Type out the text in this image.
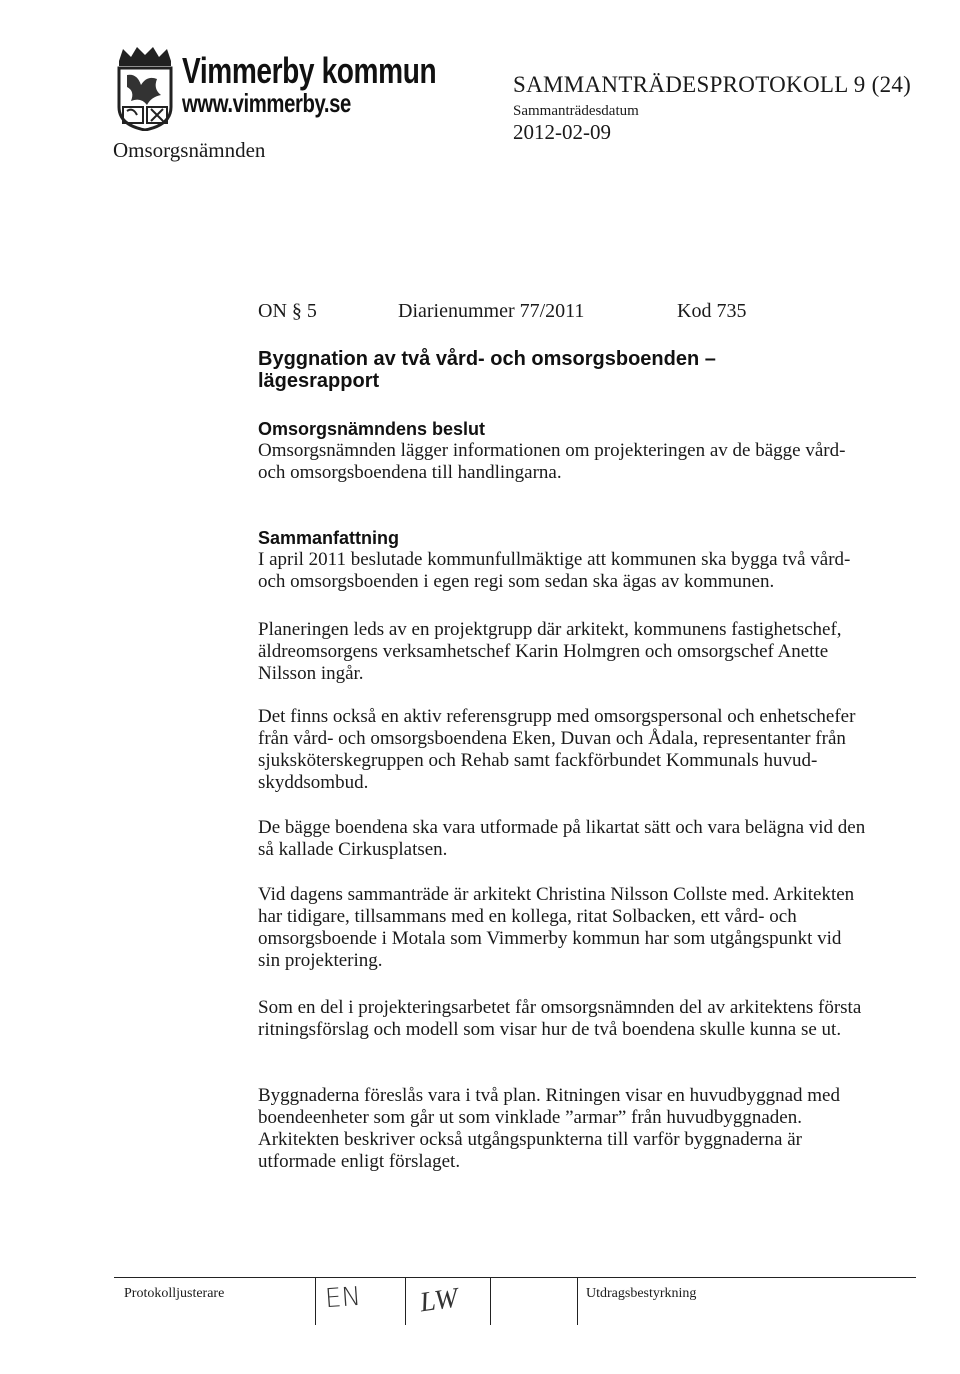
Vimmerby kommun
www.vimmerby.se
Omsorgsnämnden
SAMMANTRÄDESPROTOKOLL 9 (24)
Sammanträdesdatum
2012-02-09
ON § 5	Diarienummer 77/2011	Kod 735
Byggnation av två vård- och omsorgsboenden – lägesrapport
Omsorgsnämndens beslut

Omsorgsnämnden lägger informationen om projekteringen av de bägge vård- och omsorgsboendena till handlingarna.

Sammanfattning

I april 2011 beslutade kommunfullmäktige att kommunen ska bygga två vård- och omsorgsboenden i egen regi som sedan ska ägas av kommunen.

Planeringen leds av en projektgrupp där arkitekt, kommunens fastighetschef, äldreomsorgens verksamhetschef Karin Holmgren och omsorgschef Anette Nilsson ingår.
Det finns också en aktiv referensgrupp med omsorgspersonal och enhetschefer från vård- och omsorgsboendena Eken, Duvan och Ådala, representanter från sjuksköterskegruppen och Rehab samt fackförbundet Kommunals huvud-skyddsombud.
De bägge boendena ska vara utformade på likartat sätt och vara belägna vid den så kallade Cirkusplatsen.
Vid dagens sammanträde är arkitekt Christina Nilsson Collste med. Arkitekten har tidigare, tillsammans med en kollega, ritat Solbacken, ett vård- och omsorgsboende i Motala som Vimmerby kommun har som utgångspunkt vid sin projektering.
Som en del i projekteringsarbetet får omsorgsnämnden del av arkitektens första ritningsförslag och modell som visar hur de två boendena skulle kunna se ut.
Byggnaderna föreslås vara i två plan. Ritningen visar en huvudbyggnad med boendeenheter som går ut som vinklade ”armar” från huvudbyggnaden. Arkitekten beskriver också utgångspunkterna till varför byggnaderna är utformade enligt förslaget.
Protokolljusterare	EN LW	Utdragsbestyrkning
